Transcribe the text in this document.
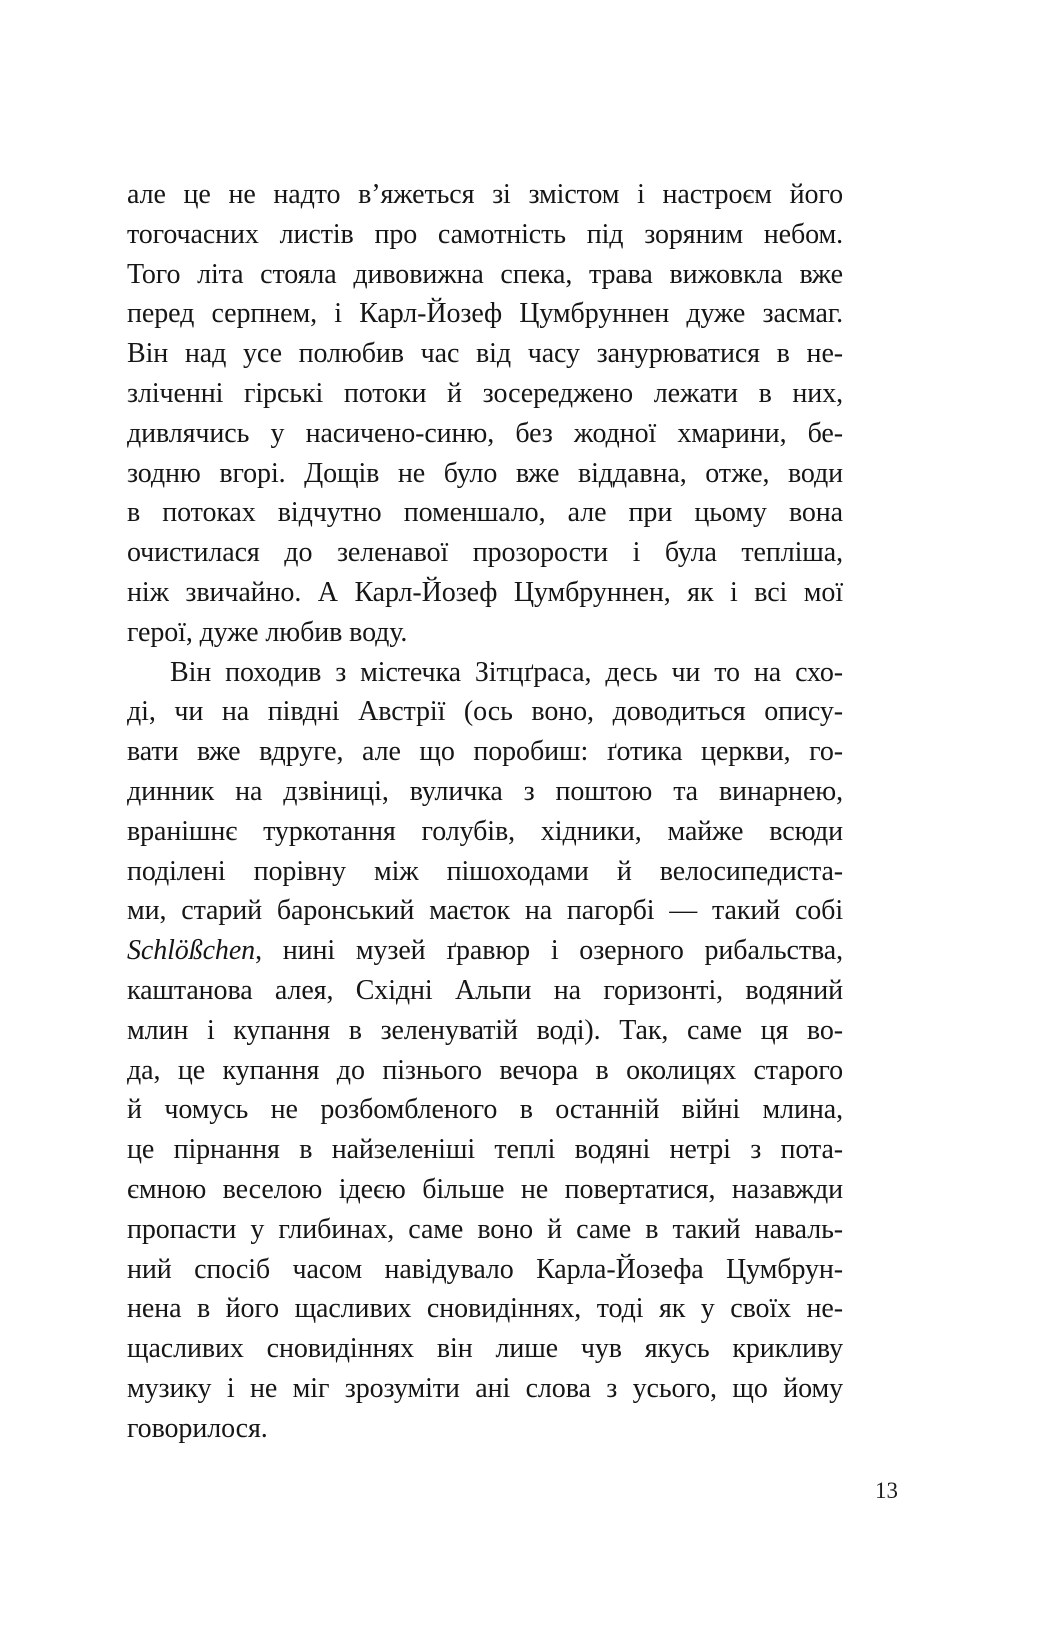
але це не надто в’яжеться зі змістом і настроєм його
тогочасних листів про самотність під зоряним небом.
Того літа стояла дивовижна спека, трава вижовкла вже
перед серпнем, і Карл-Йозеф Цумбруннен дуже засмаг.
Він над усе полюбив час від часу занурюватися в не-
зліченні гірські потоки й зосереджено лежати в них,
дивлячись у насичено-синю, без жодної хмарини, бе-
зодню вгорі. Дощів не було вже віддавна, отже, води
в потоках відчутно поменшало, але при цьому вона
очистилася до зеленавої прозорости і була тепліша,
ніж звичайно. А Карл-Йозеф Цумбруннен, як і всі мої
герої, дуже любив воду.
Він походив з містечка Зітцґраса, десь чи то на схо-
ді, чи на півдні Австрії (ось воно, доводиться опису-
вати вже вдруге, але що поробиш: ґотика церкви, го-
динник на дзвіниці, вуличка з поштою та винарнею,
вранішнє туркотання голубів, хідники, майже всюди
поділені порівну між пішоходами й велосипедиста-
ми, старий баронський маєток на пагорбі — такий собі
Schlößchen, нині музей ґравюр і озерного рибальства,
каштанова алея, Східні Альпи на горизонті, водяний
млин і купання в зеленуватій воді). Так, саме ця во-
да, це купання до пізнього вечора в околицях старого
й чомусь не розбомбленого в останній війні млина,
це пірнання в найзеленіші теплі водяні нетрі з пота-
ємною веселою ідеєю більше не повертатися, назавжди
пропасти у глибинах, саме воно й саме в такий наваль-
ний спосіб часом навідувало Карла-Йозефа Цумбрун-
нена в його щасливих сновидіннях, тоді як у своїх не-
щасливих сновидіннях він лише чув якусь крикливу
музику і не міг зрозуміти ані слова з усього, що йому
говорилося.
13
